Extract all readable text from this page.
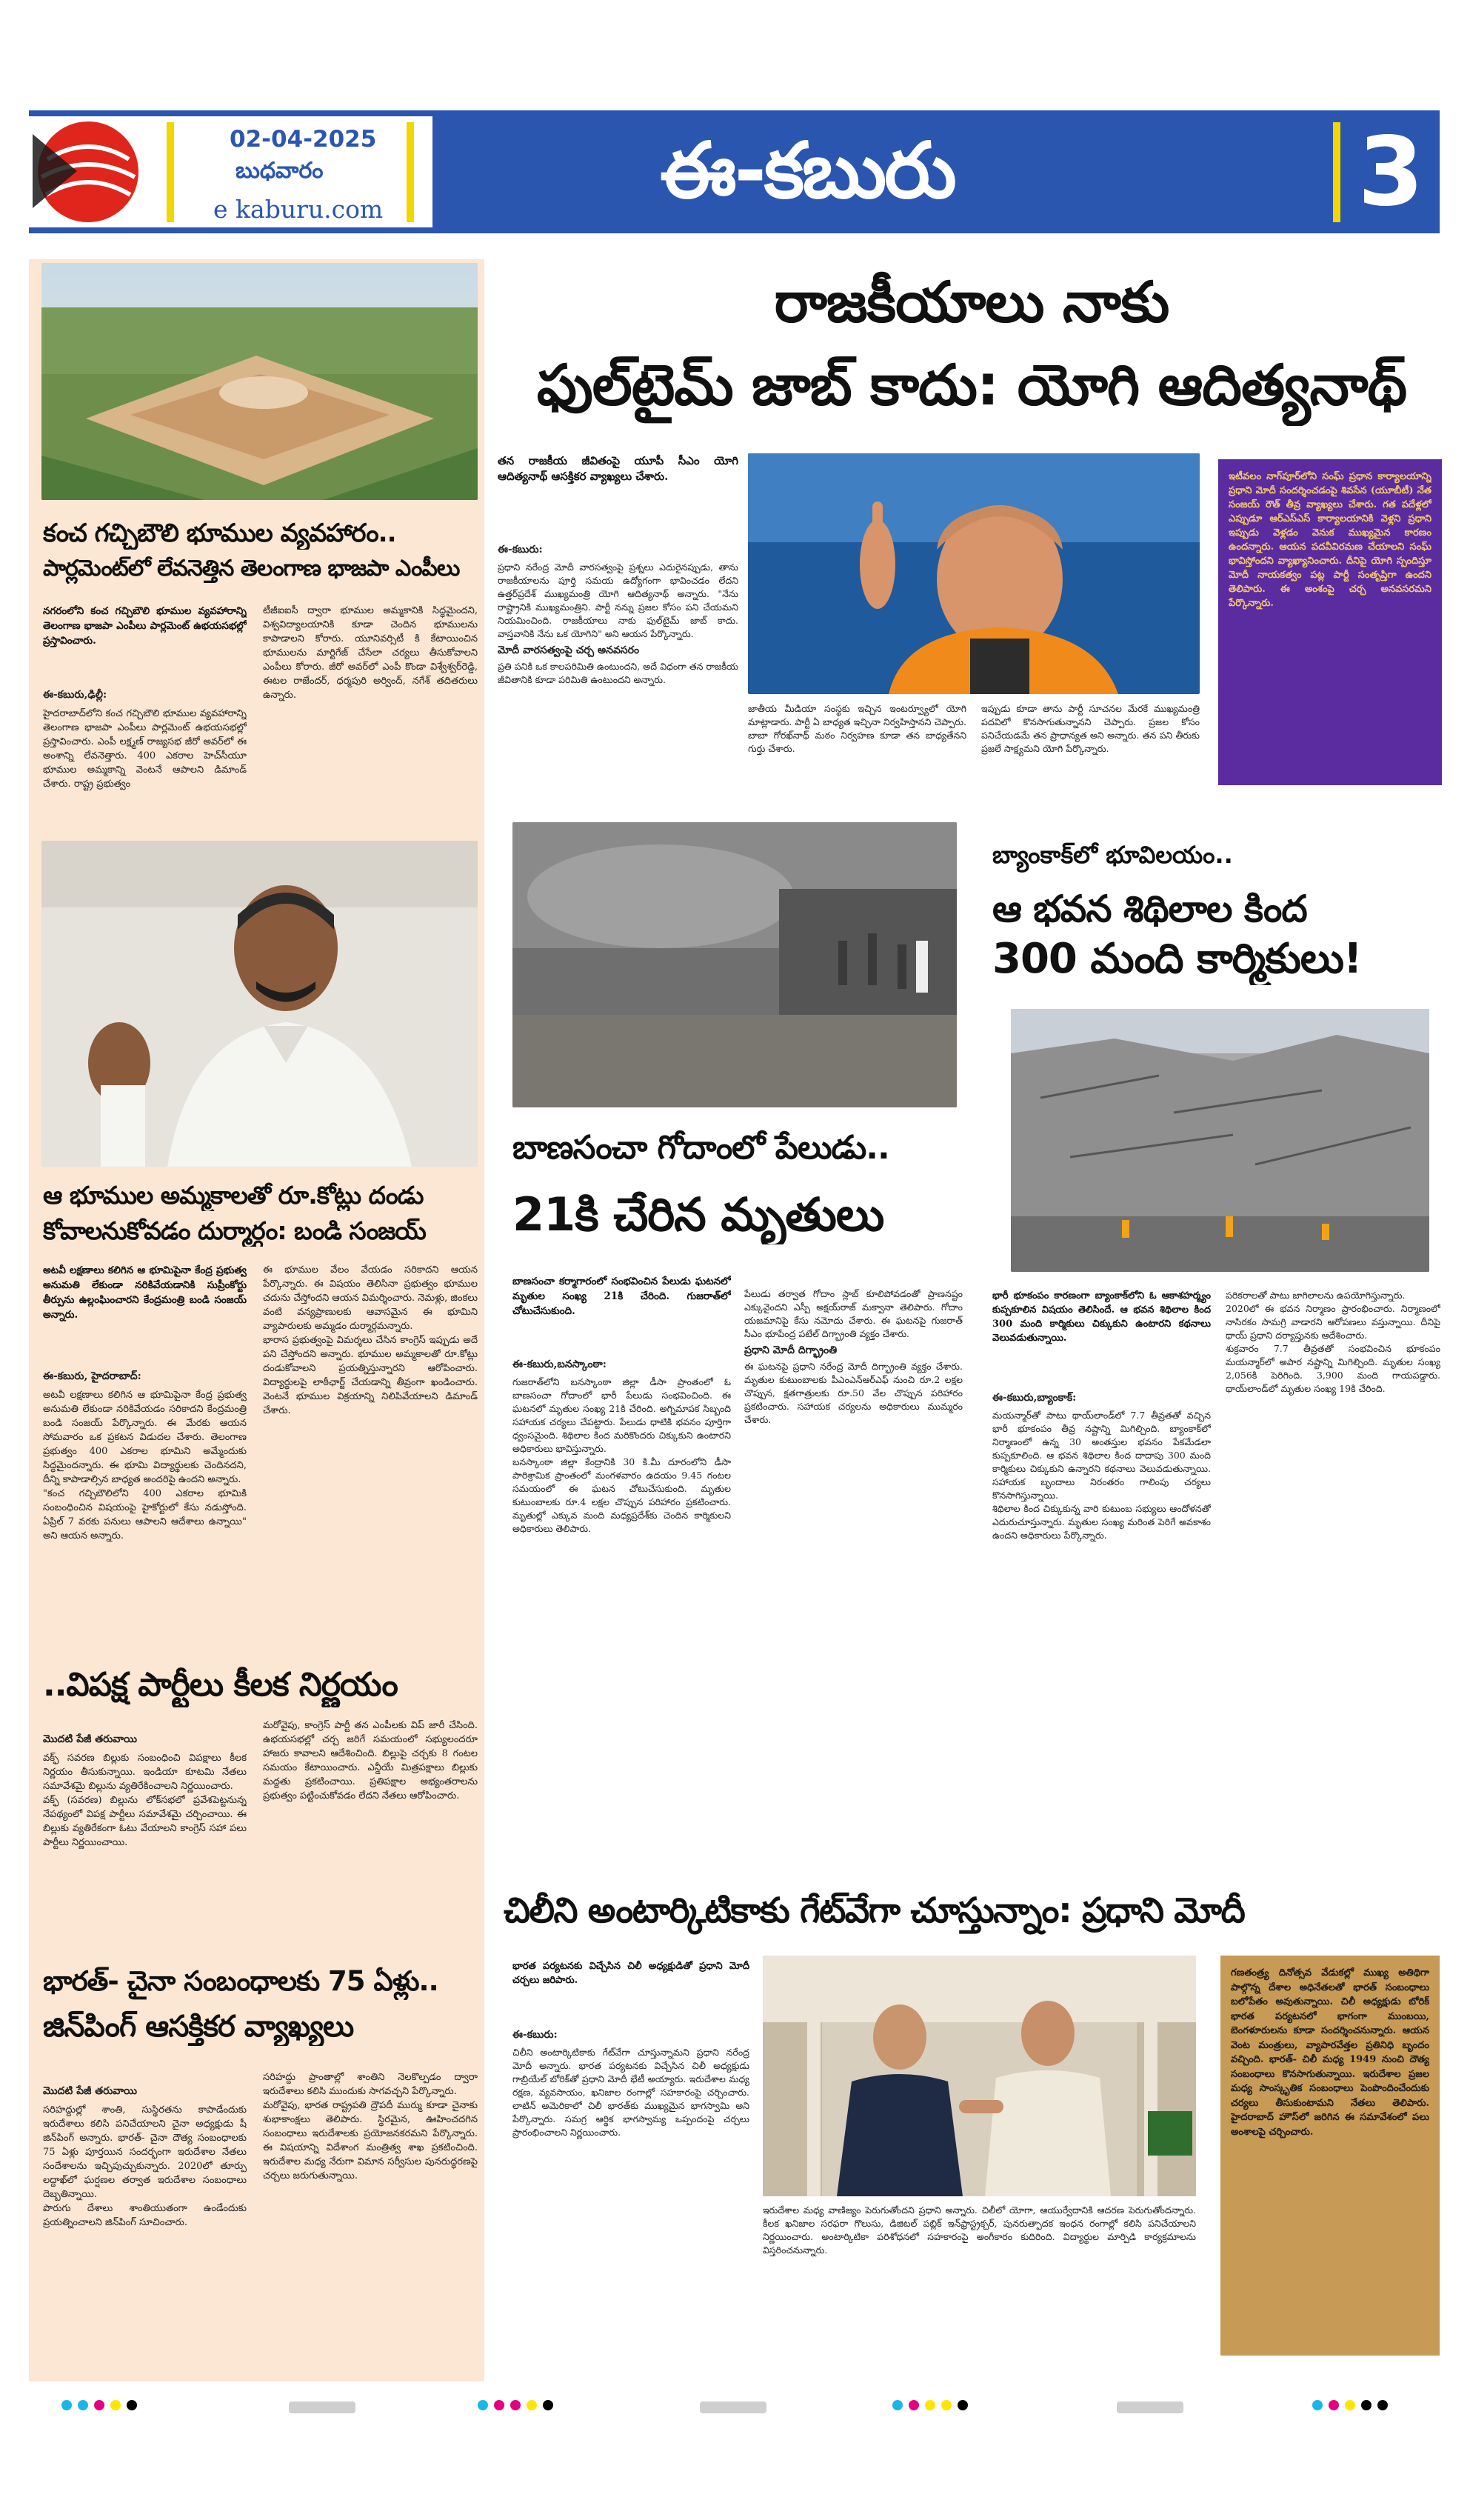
02-04-2025
బుధవారం
e kaburu.com	ఈ-కబురు	3
కంచ గచ్చిబౌలి భూముల వ్యవహారం..
పార్లమెంట్‌లో లేవనెత్తిన తెలంగాణ భాజపా ఎంపీలు
నగరంలోని కంచ గచ్చిబౌలి భూముల వ్యవహారాన్ని తెలంగాణ భాజపా ఎంపీలు పార్లమెంట్‌ ఉభయసభల్లో ప్రస్తావించారు.

ఈ-కబురు,ఢిల్లీ:
హైదరాబాద్‌లోని కంచ గచ్చిబౌలి భూముల వ్యవహారాన్ని తెలంగాణ భాజపా ఎంపీలు పార్లమెంట్‌ ఉభయసభల్లో ప్రస్తావించారు. ఎంపీ లక్ష్మణ్‌ రాజ్యసభ జీరో అవర్‌లో ఈ అంశాన్ని లేవనెత్తారు. 400 ఎకరాల హెచ్‌సీయూ భూముల అమ్మకాన్ని వెంటనే ఆపాలని డిమాండ్‌ చేశారు. రాష్ట్ర ప్రభుత్వం

టీజీఐఐసీ ద్వారా భూముల అమ్మకానికి సిద్ధమైందని, విశ్వవిద్యాలయానికి కూడా చెందిన భూములను కాపాడాలని కోరారు. యూనివర్సిటీ కి కేటాయించిన భూములను మార్టిగేజ్‌ చేసేలా చర్యలు తీసుకోవాలని ఎంపీలు కోరారు. జీరో అవర్‌లో ఎంపీ కొండా విశ్వేశ్వర్‌రెడ్డి, ఈటల రాజేందర్‌, ధర్మపురి అర్వింద్‌, నగేశ్‌ తదితరులు ఉన్నారు.
ఆ భూముల అమ్మకాలతో రూ.కోట్లు దండు
కోవాలనుకోవడం దుర్మార్గం: బండి సంజయ్
అటవీ లక్షణాలు కలిగిన ఆ భూమిపైనా కేంద్ర ప్రభుత్వ అనుమతి లేకుండా నరికివేయడానికి సుప్రీంకోర్టు తీర్పును ఉల్లంఘించారని కేంద్రమంత్రి బండి సంజయ్‌ అన్నారు.

ఈ-కబురు, హైదరాబాద్‌:
అటవీ లక్షణాలు కలిగిన ఆ భూమిపైనా కేంద్ర ప్రభుత్వ అనుమతి లేకుండా నరికివేయడం సరికాదని కేంద్రమంత్రి బండి సంజయ్‌ పేర్కొన్నారు. ఈ మేరకు ఆయన సోమవారం ఒక ప్రకటన విడుదల చేశారు. తెలంగాణ ప్రభుత్వం 400 ఎకరాల భూమిని అమ్మేందుకు సిద్ధమైందన్నారు. ఈ భూమి విద్యార్థులకు చెందినదని, దీన్ని కాపాడాల్సిన బాధ్యత అందరిపై ఉందని అన్నారు.
"కంచ గచ్చిబౌలిలోని 400 ఎకరాల భూమికి సంబంధించిన విషయంపై హైకోర్టులో కేసు నడుస్తోంది. ఏప్రిల్‌ 7 వరకు పనులు ఆపాలని ఆదేశాలు ఉన్నాయి" అని ఆయన అన్నారు.

ఈ భూముల వేలం వేయడం సరికాదని ఆయన పేర్కొన్నారు. ఈ విషయం తెలిసినా ప్రభుత్వం భూముల చదును చేస్తోందని ఆయన విమర్శించారు. నెమళ్లు, జింకలు వంటి వన్యప్రాణులకు ఆవాసమైన ఈ భూమిని వ్యాపారులకు అమ్మడం దుర్మార్గమన్నారు.
భారాస ప్రభుత్వంపై విమర్శలు చేసిన కాంగ్రెస్‌ ఇప్పుడు అదే పని చేస్తోందని అన్నారు. భూముల అమ్మకాలతో రూ.కోట్లు దండుకోవాలని ప్రయత్నిస్తున్నారని ఆరోపించారు. విద్యార్థులపై లాఠీఛార్జ్‌ చేయడాన్ని తీవ్రంగా ఖండించారు. వెంటనే భూముల విక్రయాన్ని నిలిపివేయాలని డిమాండ్‌ చేశారు.
..విపక్ష పార్టీలు కీలక నిర్ణయం

మొదటి పేజీ తరువాయి
వక్ఫ్‌ సవరణ బిల్లుకు సంబంధించి విపక్షాలు కీలక నిర్ణయం తీసుకున్నాయి. ఇండియా కూటమి నేతలు సమావేశమై బిల్లును వ్యతిరేకించాలని నిర్ణయించారు.
వక్ఫ్‌ (సవరణ) బిల్లును లోక్‌సభలో ప్రవేశపెట్టనున్న నేపథ్యంలో విపక్ష పార్టీలు సమావేశమై చర్చించాయి. ఈ బిల్లుకు వ్యతిరేకంగా ఓటు వేయాలని కాంగ్రెస్‌ సహా పలు పార్టీలు నిర్ణయించాయి.

మరోవైపు, కాంగ్రెస్‌ పార్టీ తన ఎంపీలకు విప్‌ జారీ చేసింది. ఉభయసభల్లో చర్చ జరిగే సమయంలో సభ్యులందరూ హాజరు కావాలని ఆదేశించింది. బిల్లుపై చర్చకు 8 గంటల సమయం కేటాయించారు. ఎన్డీయే మిత్రపక్షాలు బిల్లుకు మద్దతు ప్రకటించాయి. ప్రతిపక్షాల అభ్యంతరాలను ప్రభుత్వం పట్టించుకోవడం లేదని నేతలు ఆరోపించారు.
భారత్‌- చైనా సంబంధాలకు 75 ఏళ్లు..
జిన్‌పింగ్ ఆసక్తికర వ్యాఖ్యలు

మొదటి పేజీ తరువాయి
సరిహద్దుల్లో శాంతి, సుస్థిరతను కాపాడేందుకు ఇరుదేశాలు కలిసి పనిచేయాలని చైనా అధ్యక్షుడు షీ జిన్‌పింగ్‌ అన్నారు. భారత్‌- చైనా దౌత్య సంబంధాలకు 75 ఏళ్లు పూర్తయిన సందర్భంగా ఇరుదేశాల నేతలు సందేశాలను ఇచ్చిపుచ్చుకున్నారు. 2020లో తూర్పు లద్దాఖ్‌లో ఘర్షణల తర్వాత ఇరుదేశాల సంబంధాలు దెబ్బతిన్నాయి.
పొరుగు దేశాలు శాంతియుతంగా ఉండేందుకు ప్రయత్నించాలని జిన్‌పింగ్‌ సూచించారు.

సరిహద్దు ప్రాంతాల్లో శాంతిని నెలకొల్పడం ద్వారా ఇరుదేశాలు కలిసి ముందుకు సాగవచ్చని పేర్కొన్నారు.
మరోవైపు, భారత రాష్ట్రపతి ద్రౌపదీ ముర్ము కూడా చైనాకు శుభాకాంక్షలు తెలిపారు. స్థిరమైన, ఊహించదగిన సంబంధాలు ఇరుదేశాలకు ప్రయోజనకరమని పేర్కొన్నారు. ఈ విషయాన్ని విదేశాంగ మంత్రిత్వ శాఖ ప్రకటించింది. ఇరుదేశాల మధ్య నేరుగా విమాన సర్వీసుల పునరుద్ధరణపై చర్చలు జరుగుతున్నాయి.
రాజకీయాలు నాకు
ఫుల్‌టైమ్ జాబ్ కాదు: యోగి ఆదిత్యనాథ్
తన రాజకీయ జీవితంపై యూపీ సీఎం యోగి ఆదిత్యనాథ్‌ ఆసక్తికర వ్యాఖ్యలు చేశారు.

ఈ-కబురు:
ప్రధాని నరేంద్ర మోదీ వారసత్వంపై ప్రశ్నలు ఎదురైనప్పుడు, తాను రాజకీయాలను పూర్తి సమయ ఉద్యోగంగా భావించడం లేదని ఉత్తర్‌ప్రదేశ్‌ ముఖ్యమంత్రి యోగి ఆదిత్యనాథ్‌ అన్నారు. "నేను రాష్ట్రానికి ముఖ్యమంత్రిని. పార్టీ నన్ను ప్రజల కోసం పని చేయమని నియమించింది. రాజకీయాలు నాకు ఫుల్‌టైమ్‌ జాబ్‌ కాదు. వాస్తవానికి నేను ఒక యోగిని" అని ఆయన పేర్కొన్నారు.

మోదీ వారసత్వంపై చర్చ అనవసరం
ప్రతి పనికి ఒక కాలపరిమితి ఉంటుందని, అదే విధంగా తన రాజకీయ జీవితానికి కూడా పరిమితి ఉంటుందని అన్నారు.

జాతీయ మీడియా సంస్థకు ఇచ్చిన ఇంటర్వ్యూలో యోగి మాట్లాడారు. పార్టీ ఏ బాధ్యత ఇచ్చినా నిర్వహిస్తానని చెప్పారు. బాబా గోరఖ్‌నాథ్‌ మఠం నిర్వహణ కూడా తన బాధ్యతేనని గుర్తు చేశారు.
ఇప్పుడు కూడా తాను పార్టీ సూచనల మేరకే ముఖ్యమంత్రి పదవిలో కొనసాగుతున్నానని చెప్పారు. ప్రజల కోసం పనిచేయడమే తన ప్రాధాన్యత అని అన్నారు. తన పని తీరుకు ప్రజలే సాక్ష్యమని యోగి పేర్కొన్నారు.
ఇటీవలం నాగ్‌పూర్‌లోని సంఘ్‌ ప్రధాన కార్యాలయాన్ని ప్రధాని మోదీ సందర్శించడంపై శివసేన (యూబీటీ) నేత సంజయ్‌ రౌత్‌ తీవ్ర వ్యాఖ్యలు చేశారు. గత పదేళ్లలో ఎప్పుడూ ఆర్‌ఎస్‌ఎస్‌ కార్యాలయానికి వెళ్లని ప్రధాని ఇప్పుడు వెళ్లడం వెనుక ముఖ్యమైన కారణం ఉందన్నారు. ఆయన పదవీవిరమణ చేయాలని సంఘ్‌ భావిస్తోందని వ్యాఖ్యానించారు. దీనిపై యోగి స్పందిస్తూ మోదీ నాయకత్వం పట్ల పార్టీ సంతృప్తిగా ఉందని తెలిపారు. ఈ అంశంపై చర్చ అనవసరమని పేర్కొన్నారు.
బాణసంచా గోదాంలో పేలుడు..
21కి చేరిన మృతులు
బాణసంచా కర్మాగారంలో సంభవించిన పేలుడు ఘటనలో మృతుల సంఖ్య 21కి చేరింది. గుజరాత్‌లో చోటుచేసుకుంది.

ఈ-కబురు,బనస్కాంఠా:
గుజరాత్‌లోని బనస్కాంఠా జిల్లా డీసా ప్రాంతంలో ఓ బాణసంచా గోదాంలో భారీ పేలుడు సంభవించింది. ఈ ఘటనలో మృతుల సంఖ్య 21కి చేరింది. అగ్నిమాపక సిబ్బంది సహాయక చర్యలు చేపట్టారు. పేలుడు ధాటికి భవనం పూర్తిగా ధ్వంసమైంది. శిథిలాల కింద మరికొందరు చిక్కుకుని ఉంటారని అధికారులు భావిస్తున్నారు.
బనస్కాంఠా జిల్లా కేంద్రానికి 30 కి.మీ దూరంలోని డీసా పారిశ్రామిక ప్రాంతంలో మంగళవారం ఉదయం 9.45 గంటల సమయంలో ఈ ఘటన చోటుచేసుకుంది. మృతుల కుటుంబాలకు రూ.4 లక్షల చొప్పున పరిహారం ప్రకటించారు. మృతుల్లో ఎక్కువ మంది మధ్యప్రదేశ్‌కు చెందిన కార్మికులని అధికారులు తెలిపారు.

పేలుడు తర్వాత గోదాం స్లాబ్‌ కూలిపోవడంతో ప్రాణనష్టం ఎక్కువైందని ఎస్పీ అక్షయ్‌రాజ్‌ మక్వానా తెలిపారు. గోదాం యజమానిపై కేసు నమోదు చేశారు. ఈ ఘటనపై గుజరాత్‌ సీఎం భూపేంద్ర పటేల్‌ దిగ్భ్రాంతి వ్యక్తం చేశారు.

ప్రధాని మోదీ దిగ్భ్రాంతి
ఈ ఘటనపై ప్రధాని నరేంద్ర మోదీ దిగ్భ్రాంతి వ్యక్తం చేశారు. మృతుల కుటుంబాలకు పీఎంఎన్‌ఆర్‌ఎఫ్‌ నుంచి రూ.2 లక్షల చొప్పున, క్షతగాత్రులకు రూ.50 వేల చొప్పున పరిహారం ప్రకటించారు. సహాయక చర్యలను అధికారులు ముమ్మరం చేశారు.
బ్యాంకాక్‌లో భూవిలయం..
ఆ భవన శిథిలాల కింద
300 మంది కార్మికులు!
భారీ భూకంపం కారణంగా బ్యాంకాక్‌లోని ఓ ఆకాశహర్మ్యం కుప్పకూలిన విషయం తెలిసిందే. ఆ భవన శిథిలాల కింద 300 మంది కార్మికులు చిక్కుకుని ఉంటారని కథనాలు వెలువడుతున్నాయి.

ఈ-కబురు,బ్యాంకాక్‌:
మయన్మార్‌తో పాటు థాయ్‌లాండ్‌లో 7.7 తీవ్రతతో వచ్చిన భారీ భూకంపం తీవ్ర నష్టాన్ని మిగిల్చింది. బ్యాంకాక్‌లో నిర్మాణంలో ఉన్న 30 అంతస్తుల భవనం పేకమేడలా కుప్పకూలింది. ఆ భవన శిథిలాల కింద దాదాపు 300 మంది కార్మికులు చిక్కుకుని ఉన్నారని కథనాలు వెలువడుతున్నాయి. సహాయక బృందాలు నిరంతరం గాలింపు చర్యలు కొనసాగిస్తున్నాయి.
శిథిలాల కింద చిక్కుకున్న వారి కుటుంబ సభ్యులు ఆందోళనతో ఎదురుచూస్తున్నారు. మృతుల సంఖ్య మరింత పెరిగే అవకాశం ఉందని అధికారులు పేర్కొన్నారు.

పరికరాలతో పాటు జాగిలాలను ఉపయోగిస్తున్నారు.
2020లో ఈ భవన నిర్మాణం ప్రారంభించారు. నిర్మాణంలో నాసిరకం సామగ్రి వాడారని ఆరోపణలు వస్తున్నాయి. దీనిపై థాయ్‌ ప్రధాని దర్యాప్తునకు ఆదేశించారు.
శుక్రవారం 7.7 తీవ్రతతో సంభవించిన భూకంపం మయన్మార్‌లో అపార నష్టాన్ని మిగిల్చింది. మృతుల సంఖ్య 2,056కి పెరిగింది. 3,900 మంది గాయపడ్డారు. థాయ్‌లాండ్‌లో మృతుల సంఖ్య 19కి చేరింది.
చిలీని అంటార్కిటికాకు గేట్‌వేగా చూస్తున్నాం: ప్రధాని మోదీ
భారత పర్యటనకు విచ్చేసిన చిలీ అధ్యక్షుడితో ప్రధాని మోదీ చర్చలు జరిపారు.

ఈ-కబురు:
చిలీని అంటార్కిటికాకు గేట్‌వేగా చూస్తున్నామని ప్రధాని నరేంద్ర మోదీ అన్నారు. భారత పర్యటనకు విచ్చేసిన చిలీ అధ్యక్షుడు గాబ్రియేల్‌ బోరిక్‌తో ప్రధాని మోదీ భేటీ అయ్యారు. ఇరుదేశాల మధ్య రక్షణ, వ్యవసాయం, ఖనిజాల రంగాల్లో సహకారంపై చర్చించారు. లాటిన్‌ అమెరికాలో చిలీ భారత్‌కు ముఖ్యమైన భాగస్వామి అని పేర్కొన్నారు. సమగ్ర ఆర్థిక భాగస్వామ్య ఒప్పందంపై చర్చలు ప్రారంభించాలని నిర్ణయించారు.

ఇరుదేశాల మధ్య వాణిజ్యం పెరుగుతోందని ప్రధాని అన్నారు. చిలీలో యోగా, ఆయుర్వేదానికి ఆదరణ పెరుగుతోందన్నారు. కీలక ఖనిజాల సరఫరా గొలుసు, డిజిటల్‌ పబ్లిక్‌ ఇన్‌ఫ్రాస్ట్రక్చర్‌, పునరుత్పాదక ఇంధన రంగాల్లో కలిసి పనిచేయాలని నిర్ణయించారు. అంటార్కిటికా పరిశోధనలో సహకారంపై అంగీకారం కుదిరింది. విద్యార్థుల మార్పిడి కార్యక్రమాలను విస్తరించనున్నారు.
గణతంత్ర్య దినోత్సవ వేడుకల్లో ముఖ్య అతిథిగా పాల్గొన్న దేశాల అధినేతలతో భారత్‌ సంబంధాలు బలోపేతం అవుతున్నాయి. చిలీ అధ్యక్షుడు బోరిక్‌ భారత పర్యటనలో భాగంగా ముంబయి, బెంగళూరులను కూడా సందర్శించనున్నారు. ఆయన వెంట మంత్రులు, వ్యాపారవేత్తల ప్రతినిధి బృందం వచ్చింది. భారత్‌- చిలీ మధ్య 1949 నుంచి దౌత్య సంబంధాలు కొనసాగుతున్నాయి. ఇరుదేశాల ప్రజల మధ్య సాంస్కృతిక సంబంధాలు పెంపొందించేందుకు చర్యలు తీసుకుంటామని నేతలు తెలిపారు. హైదరాబాద్‌ హౌస్‌లో జరిగిన ఈ సమావేశంలో పలు అంశాలపై చర్చించారు.
